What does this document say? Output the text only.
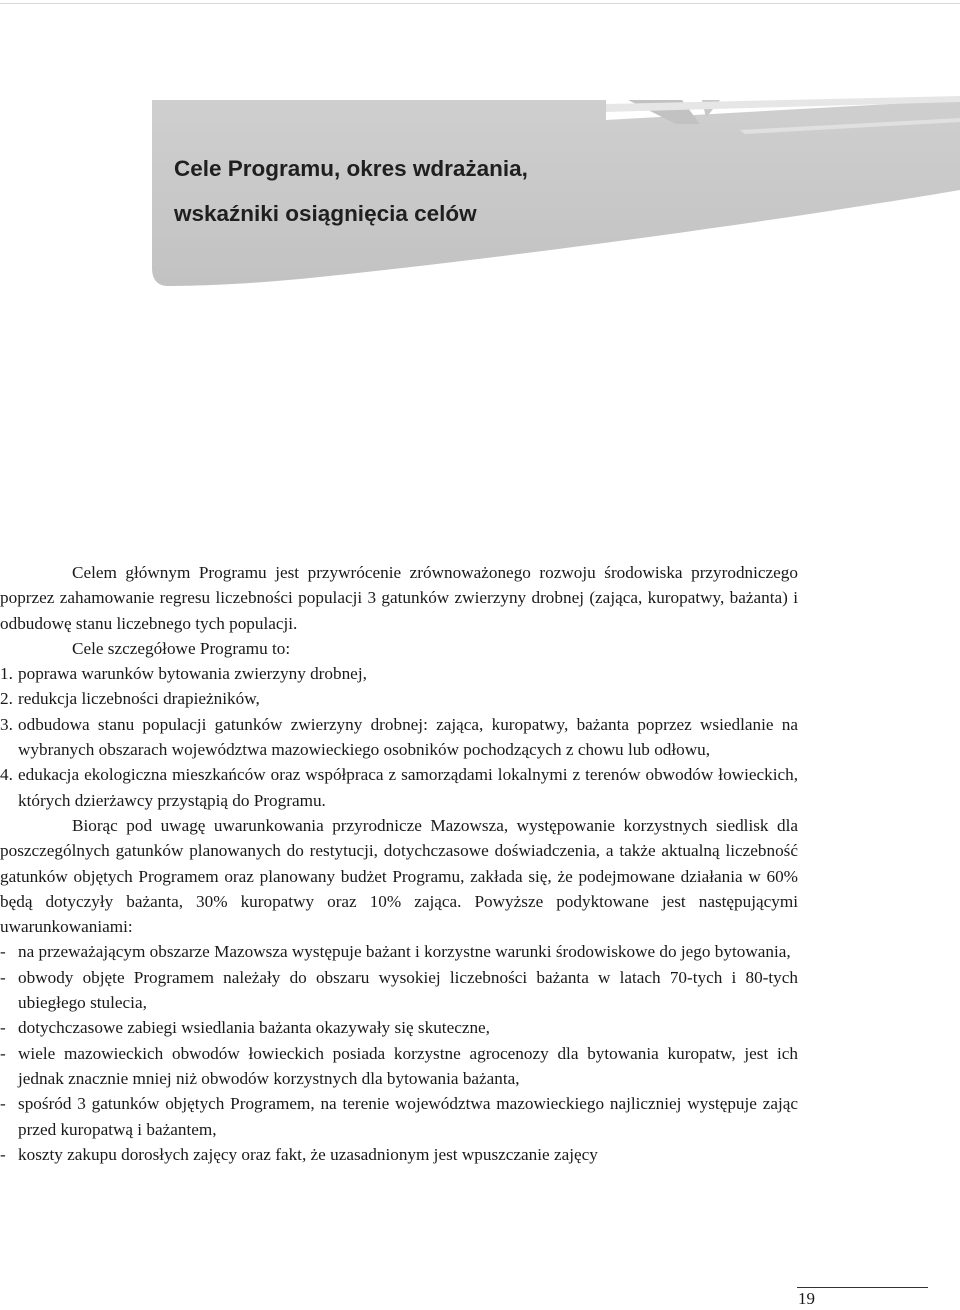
Cele Programu, okres wdrażania,
wskaźniki osiągnięcia celów

Celem głównym Programu jest przywrócenie zrównoważonego rozwoju środowiska przyrodniczego poprzez zahamowanie regresu liczebności populacji 3 gatunków zwierzyny drobnej (zająca, kuropatwy, bażanta) i odbudowę stanu liczebnego tych populacji.

Cele szczegółowe Programu to:

1. poprawa warunków bytowania zwierzyny drobnej,
2. redukcja liczebności drapieżników,
3. odbudowa stanu populacji gatunków zwierzyny drobnej: zająca, kuropatwy, bażanta poprzez wsiedlanie na wybranych obszarach województwa mazowieckiego osobników pochodzących z chowu lub odłowu,
4. edukacja ekologiczna mieszkańców oraz współpraca z samorządami lokalnymi z terenów obwodów łowieckich, których dzierżawcy przystąpią do Programu.

Biorąc pod uwagę uwarunkowania przyrodnicze Mazowsza, występowanie korzystnych siedlisk dla poszczególnych gatunków planowanych do restytucji, dotychczasowe doświadczenia, a także aktualną liczebność gatunków objętych Programem oraz planowany budżet Programu, zakłada się, że podejmowane działania w 60% będą dotyczyły bażanta, 30% kuropatwy oraz 10% zająca. Powyższe podyktowane jest następującymi uwarunkowaniami:

- na przeważającym obszarze Mazowsza występuje bażant i korzystne warunki środowiskowe do jego bytowania,
- obwody objęte Programem należały do obszaru wysokiej liczebności bażanta w latach 70-tych i 80-tych ubiegłego stulecia,
- dotychczasowe zabiegi wsiedlania bażanta okazywały się skuteczne,
- wiele mazowieckich obwodów łowieckich posiada korzystne agrocenozy dla bytowania kuropatw, jest ich jednak znacznie mniej niż obwodów korzystnych dla bytowania bażanta,
- spośród 3 gatunków objętych Programem, na terenie województwa mazowieckiego najliczniej występuje zając przed kuropatwą i bażantem,
- koszty zakupu dorosłych zajęcy oraz fakt, że uzasadnionym jest wpuszczanie zajęcy
19
